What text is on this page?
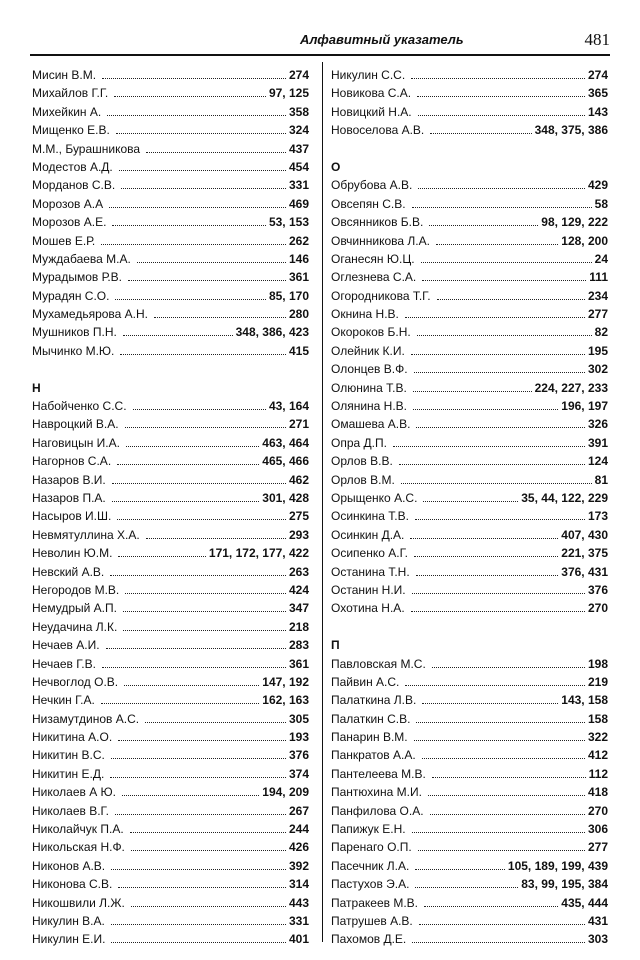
Алфавитный указатель	481
Мисин В.М.	274
Михайлов Г.Г.	97, 125
Михейкин А.	358
Мищенко Е.В.	324
М.М., Бурашникова	437
Модестов А.Д.	454
Морданов С.В.	331
Морозов А.А	469
Морозов А.Е.	53, 153
Мошев Е.Р.	262
Муждабаева М.А.	146
Мурадымов Р.В.	361
Мурадян С.О.	85, 170
Мухамедьярова А.Н.	280
Мушников П.Н.	348, 386, 423
Мычинко М.Ю.	415
Н
Набойченко С.С.	43, 164
Навроцкий В.А.	271
Наговицын И.А.	463, 464
Нагорнов С.А.	465, 466
Назаров В.И.	462
Назаров П.А.	301, 428
Насыров И.Ш.	275
Невмятуллина Х.А.	293
Неволин Ю.М.	171, 172, 177, 422
Невский А.В.	263
Негородов М.В.	424
Немудрый А.П.	347
Неудачина Л.К.	218
Нечаев А.И.	283
Нечаев Г.В.	361
Нечвоглод О.В.	147, 192
Нечкин Г.А.	162, 163
Низамутдинов А.С.	305
Никитина А.О.	193
Никитин В.С.	376
Никитин Е.Д.	374
Николаев А Ю.	194, 209
Николаев В.Г.	267
Николайчук П.А.	244
Никольская Н.Ф.	426
Никонов А.В.	392
Никонова С.В.	314
Никошвили Л.Ж.	443
Никулин В.А.	331
Никулин Е.И.	401
Никулин С.С.	274
Новикова С.А.	365
Новицкий Н.А.	143
Новоселова А.В.	348, 375, 386
О
Обрубова А.В.	429
Овсепян С.В.	58
Овсянников Б.В.	98, 129, 222
Овчинникова Л.А.	128, 200
Оганесян Ю.Ц.	24
Оглезнева С.А.	111
Огородникова Т.Г.	234
Окнина Н.В.	277
Окороков Б.Н.	82
Олейник К.И.	195
Олонцев В.Ф.	302
Олюнина Т.В.	224, 227, 233
Олянина Н.В.	196, 197
Омашева А.В.	326
Опра Д.П.	391
Орлов В.В.	124
Орлов В.М.	81
Орыщенко А.С.	35, 44, 122, 229
Осинкина Т.В.	173
Осинкин Д.А.	407, 430
Осипенко А.Г.	221, 375
Останина Т.Н.	376, 431
Останин Н.И.	376
Охотина Н.А.	270
П
Павловская М.С.	198
Пайвин А.С.	219
Палаткина Л.В.	143, 158
Палаткин С.В.	158
Панарин В.М.	322
Панкратов А.А.	412
Пантелеева М.В.	112
Пантюхина М.И.	418
Панфилова О.А.	270
Папижук Е.Н.	306
Паренаго О.П.	277
Пасечник Л.А.	105, 189, 199, 439
Пастухов Э.А.	83, 99, 195, 384
Патракеев М.В.	435, 444
Патрушев А.В.	431
Пахомов Д.Е.	303
